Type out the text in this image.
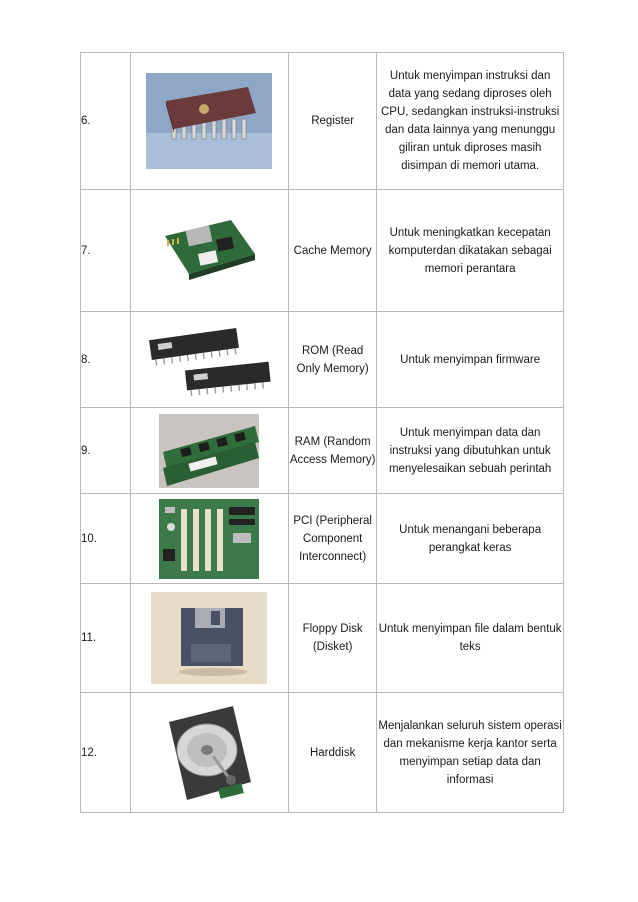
6.		Register	Untuk menyimpan instruksi dan data yang sedang diproses oleh CPU, sedangkan instruksi-instruksi dan data lainnya yang menunggu giliran untuk diproses masih disimpan di memori utama.
7.		Cache Memory	Untuk meningkatkan kecepatan komputerdan dikatakan sebagai memori perantara
8.		ROM (Read Only Memory)	Untuk menyimpan firmware
9.		RAM (Random Access Memory)	Untuk menyimpan data dan instruksi yang dibutuhkan untuk menyelesaikan sebuah perintah
10.		PCI (Peripheral Component Interconnect)	Untuk menangani beberapa perangkat keras
11.		Floppy Disk (Disket)	Untuk menyimpan file dalam bentuk teks
12.		Harddisk	Menjalankan seluruh sistem operasi dan mekanisme kerja kantor serta menyimpan setiap data dan informasi
